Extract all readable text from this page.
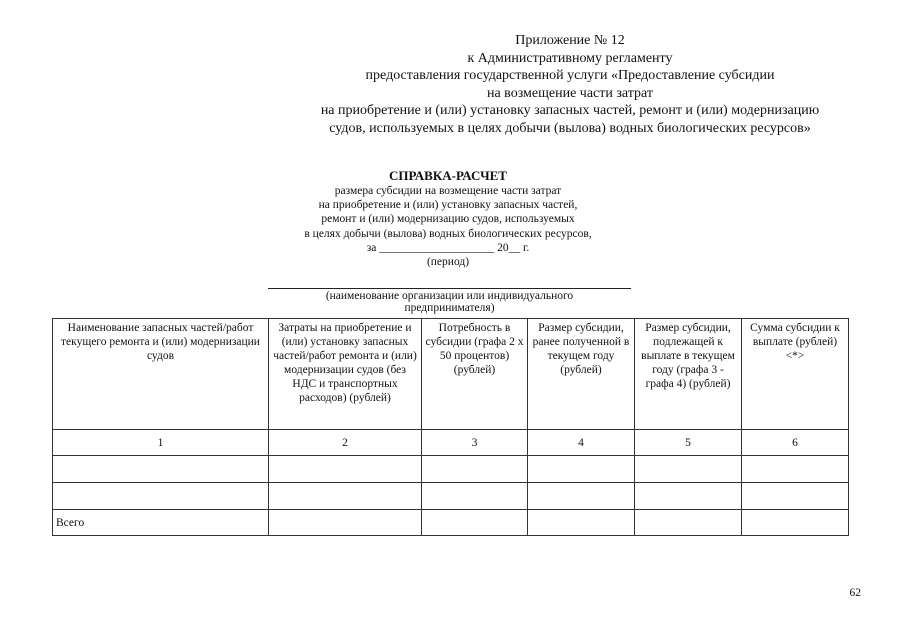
Приложение № 12
к Административному регламенту
предоставления государственной услуги «Предоставление субсидии
на возмещение части затрат
на приобретение и (или) установку запасных частей, ремонт и (или) модернизацию
судов, используемых в целях добычи (вылова) водных биологических ресурсов»
СПРАВКА-РАСЧЕТ
размера субсидии на возмещение части затрат
на приобретение и (или) установку запасных частей,
ремонт и (или) модернизацию судов, используемых
в целях добычи (вылова) водных биологических ресурсов,
за ____________________ 20__ г.
(период)
(наименование организации или индивидуального
предпринимателя)
Наименование запасных частей/работ текущего ремонта и (или) модернизации судов	Затраты на приобретение и (или) установку запасных частей/работ ремонта и (или) модернизации судов (без НДС и транспортных расходов) (рублей)	Потребность в субсидии (графа 2 x 50 процентов) (рублей)	Размер субсидии, ранее полученной в текущем году (рублей)	Размер субсидии, подлежащей к выплате в текущем году (графа 3 - графа 4) (рублей)	Сумма субсидии к выплате (рублей) <*>
1	2	3	4	5	6

Всего					
62
